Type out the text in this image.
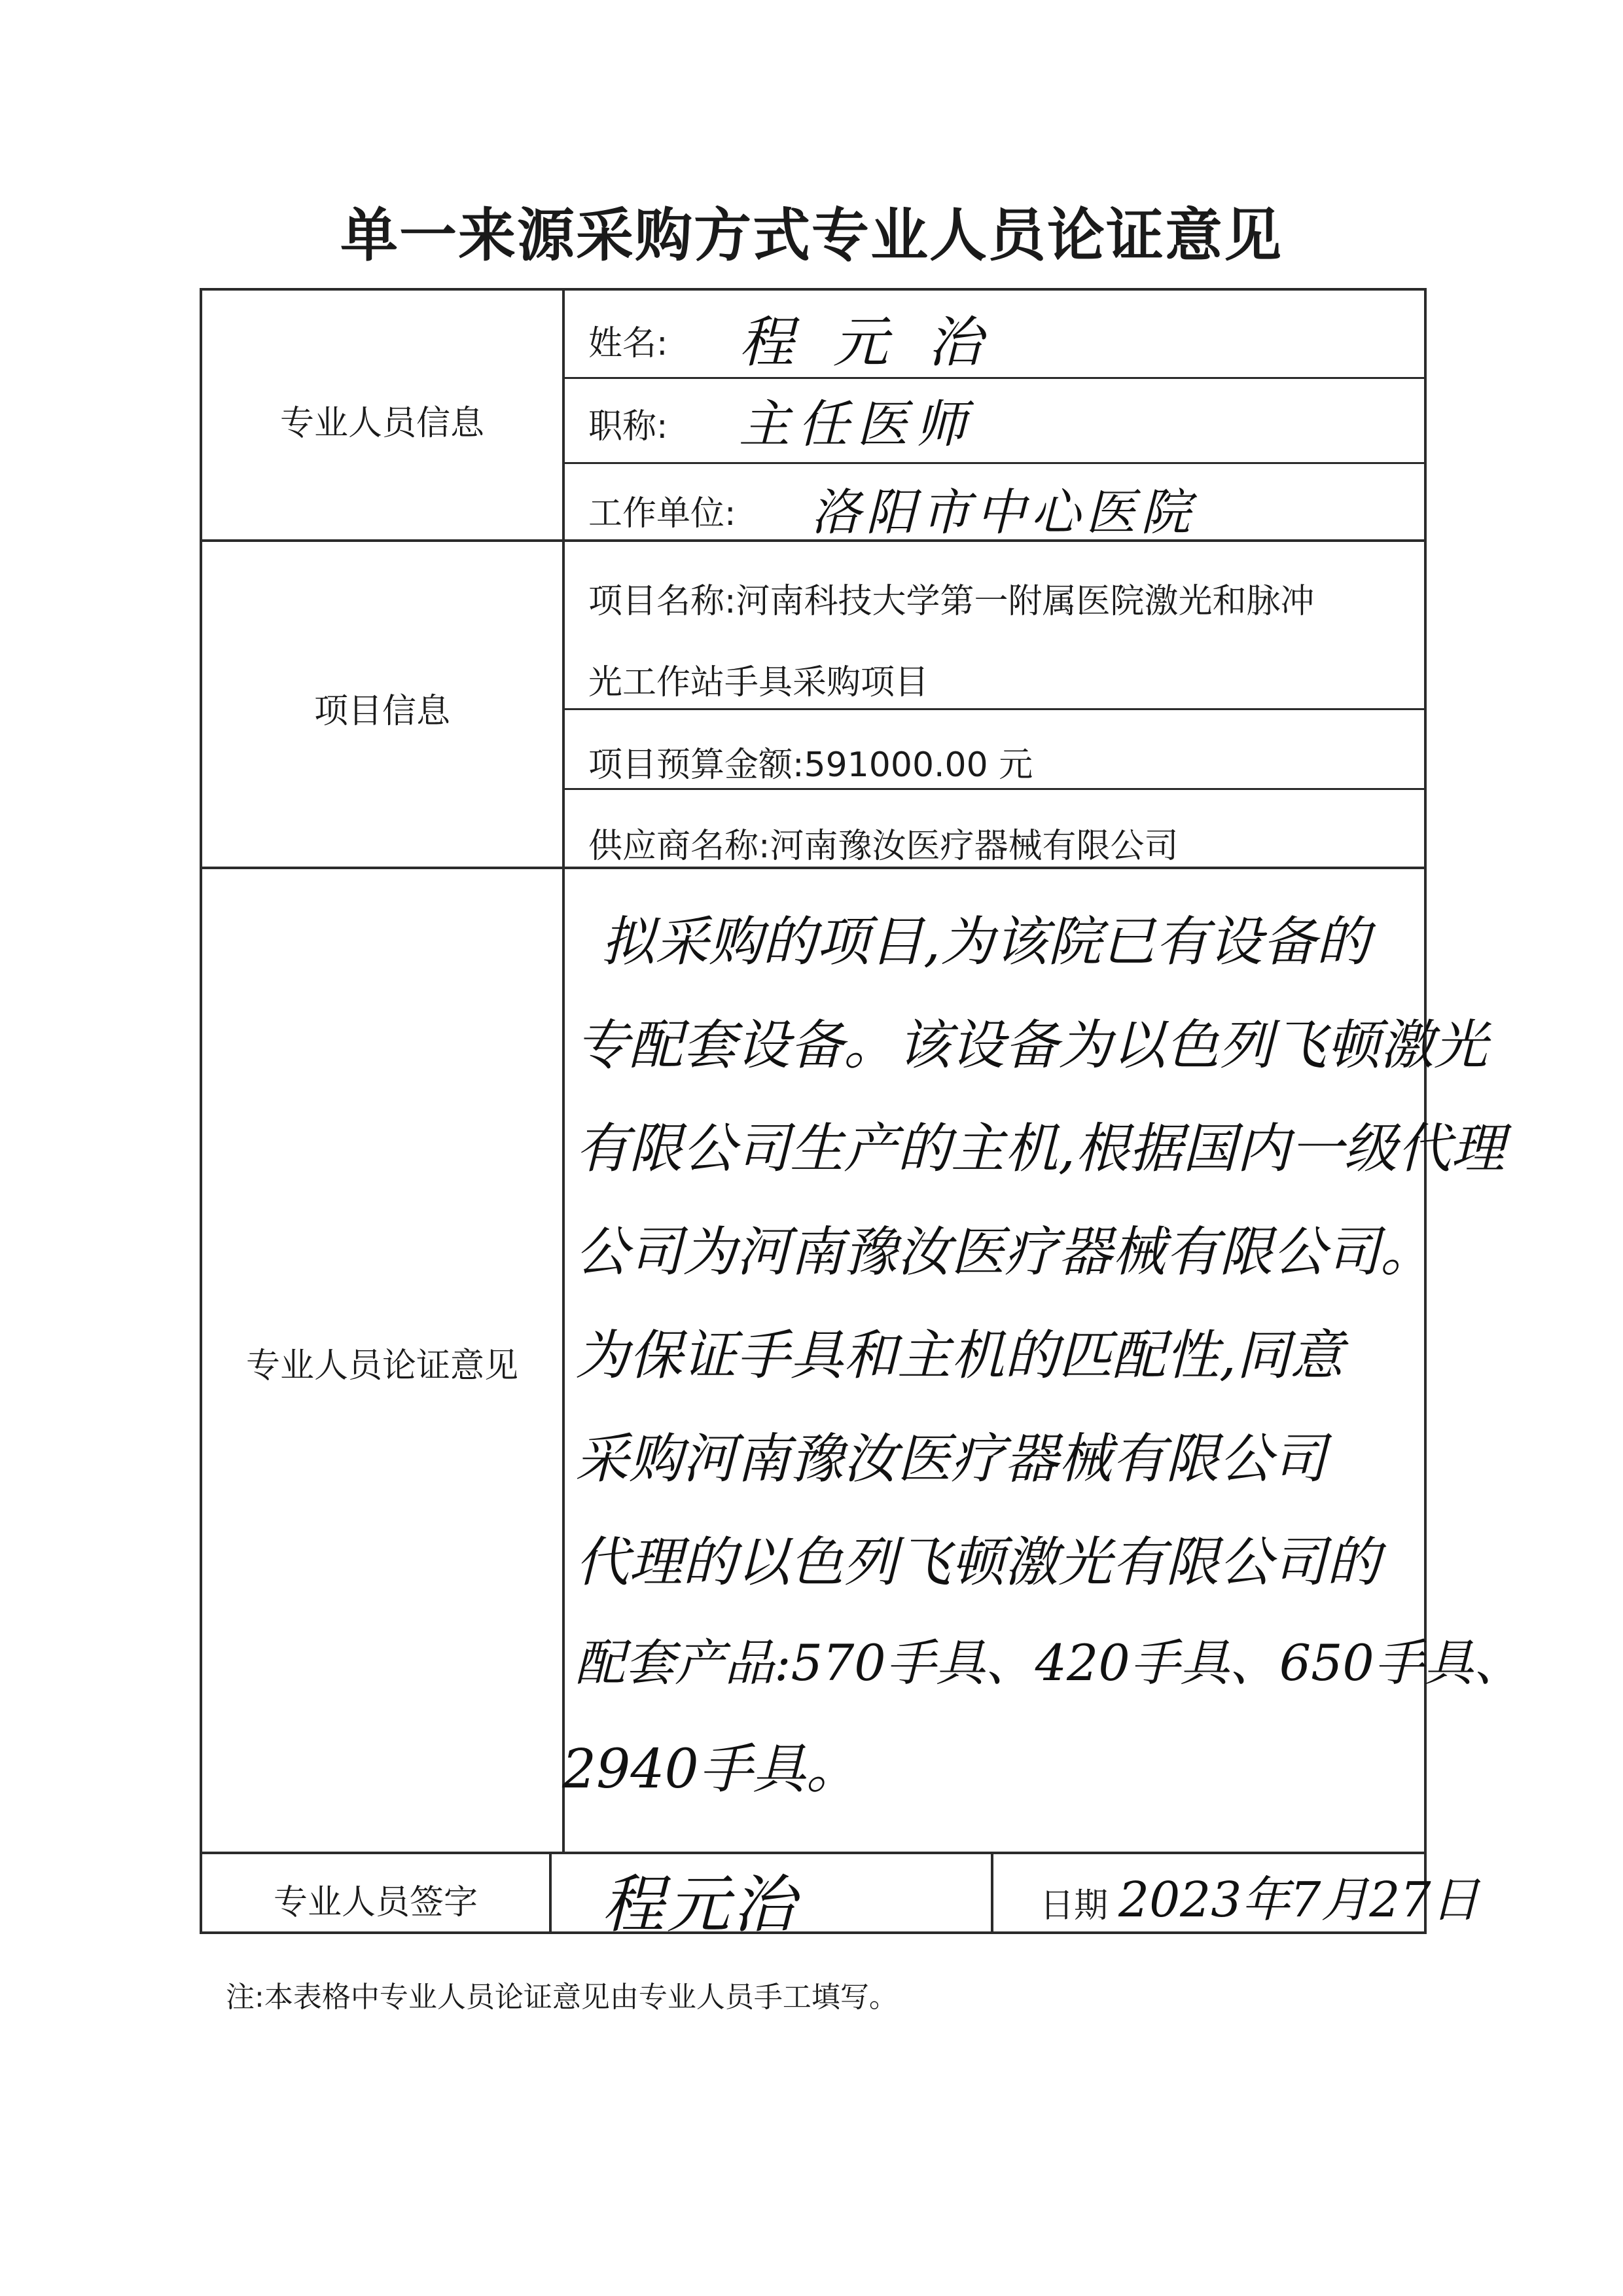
单一来源采购方式专业人员论证意见
专业人员信息
项目信息
专业人员论证意见
专业人员签字
姓名: 程元治
职称: 主任医师
工作单位: 洛阳市中心医院
项目名称:河南科技大学第一附属医院激光和脉冲
光工作站手具采购项目
项目预算金额:591000.00 元
供应商名称:河南豫汝医疗器械有限公司
拟采购的项目,为该院已有设备的
专配套设备。该设备为以色列飞顿激光
有限公司生产的主机,根据国内一级代理
公司为河南豫汝医疗器械有限公司。
为保证手具和主机的匹配性,同意
采购河南豫汝医疗器械有限公司
代理的以色列飞顿激光有限公司的
配套产品:570手具、420手具、650手具、
2940手具。
程元治	日期 2023年7月27日
注:本表格中专业人员论证意见由专业人员手工填写。
